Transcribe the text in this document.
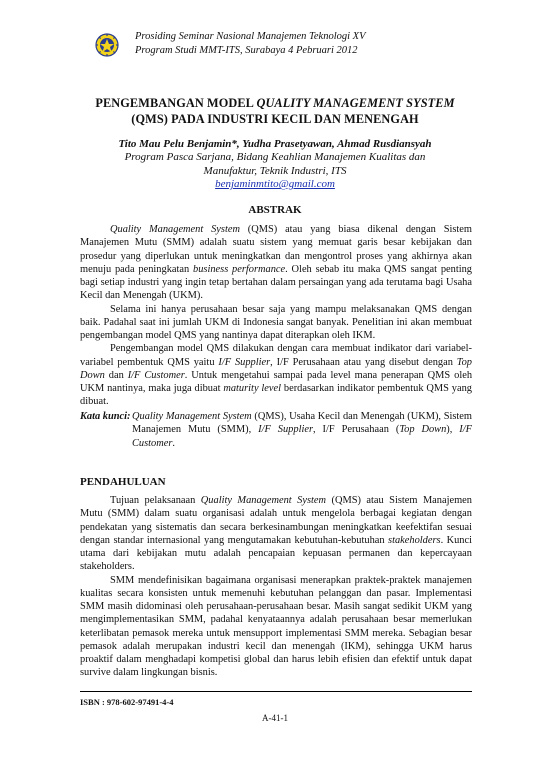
Prosiding Seminar Nasional Manajemen Teknologi XV
Program Studi MMT-ITS, Surabaya 4 Pebruari 2012
PENGEMBANGAN MODEL QUALITY MANAGEMENT SYSTEM
(QMS) PADA INDUSTRI KECIL DAN MENENGAH
Tito Mau Pelu Benjamin*, Yudha Prasetyawan, Ahmad Rusdiansyah
Program Pasca Sarjana, Bidang Keahlian Manajemen Kualitas dan
Manufaktur, Teknik Industri, ITS
benjaminmtito@gmail.com
ABSTRAK

Quality Management System (QMS) atau yang biasa dikenal dengan Sistem Manajemen Mutu (SMM) adalah suatu sistem yang memuat garis besar kebijakan dan prosedur yang diperlukan untuk meningkatkan dan mengontrol proses yang akhirnya akan menuju pada peningkatan business performance. Oleh sebab itu maka QMS sangat penting bagi setiap industri yang ingin tetap bertahan dalam persaingan yang ada terutama bagi Usaha Kecil dan Menengah (UKM).

Selama ini hanya perusahaan besar saja yang mampu melaksanakan QMS dengan baik. Padahal saat ini jumlah UKM di Indonesia sangat banyak. Penelitian ini akan membuat pengembangan model QMS yang nantinya dapat diterapkan oleh IKM.

Pengembangan model QMS dilakukan dengan cara membuat indikator dari variabel-variabel pembentuk QMS yaitu I/F Supplier, I/F Perusahaan atau yang disebut dengan Top Down dan I/F Customer. Untuk mengetahui sampai pada level mana penerapan QMS oleh UKM nantinya, maka juga dibuat maturity level berdasarkan indikator pembentuk QMS yang dibuat.

Kata kunci: Quality Management System (QMS), Usaha Kecil dan Menengah (UKM), Sistem Manajemen Mutu (SMM), I/F Supplier, I/F Perusahaan (Top Down), I/F Customer.
PENDAHULUAN

Tujuan pelaksanaan Quality Management System (QMS) atau Sistem Manajemen Mutu (SMM) dalam suatu organisasi adalah untuk mengelola berbagai kegiatan dengan pendekatan yang sistematis dan secara berkesinambungan meningkatkan keefektifan sesuai dengan standar internasional yang mengutamakan kebutuhan-kebutuhan stakeholders. Kunci utama dari kebijakan mutu adalah pencapaian kepuasan permanen dan kepercayaan stakeholders.

SMM mendefinisikan bagaimana organisasi menerapkan praktek-praktek manajemen kualitas secara konsisten untuk memenuhi kebutuhan pelanggan dan pasar. Implementasi SMM masih didominasi oleh perusahaan-perusahaan besar. Masih sangat sedikit UKM yang mengimplementasikan SMM, padahal kenyataannya adalah perusahaan besar memerlukan keterlibatan pemasok mereka untuk mensupport implementasi SMM mereka. Sebagian besar pemasok adalah merupakan industri kecil dan menengah (IKM), sehingga UKM harus proaktif dalam menghadapi kompetisi global dan harus lebih efisien dan efektif untuk dapat survive dalam lingkungan bisnis.

ISBN : 978-602-97491-4-4
A-41-1
